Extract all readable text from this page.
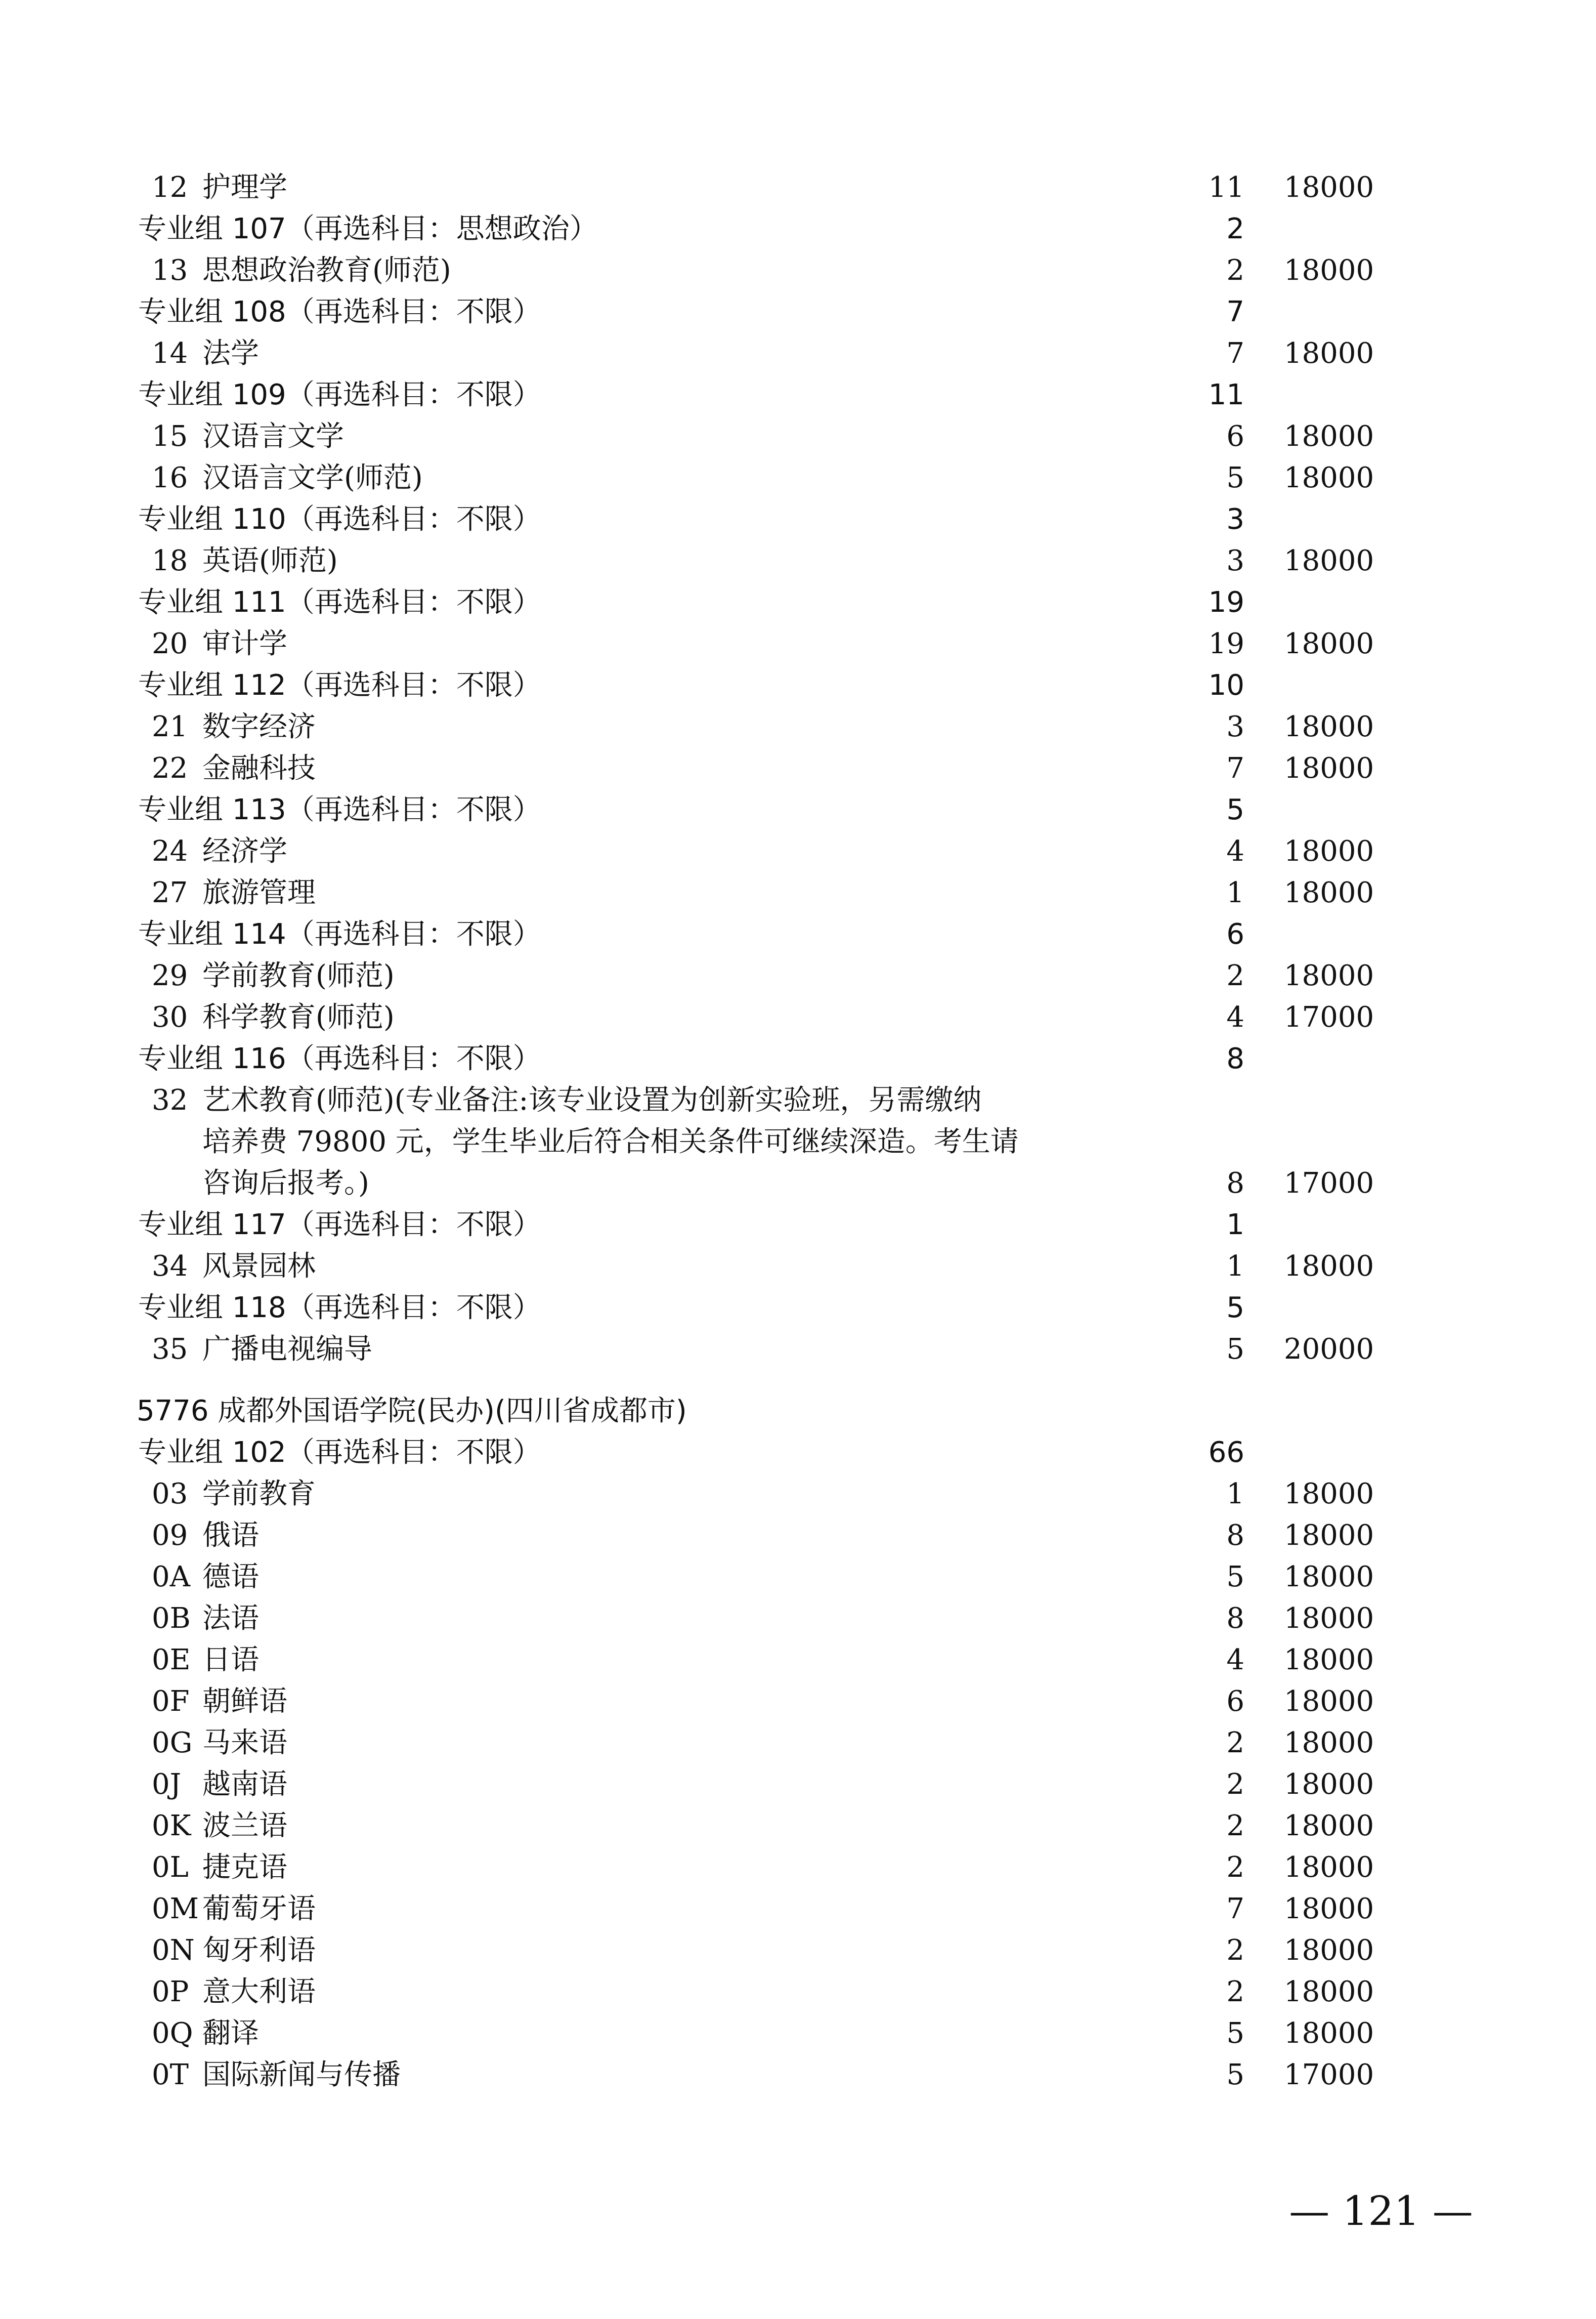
12 护理学	11 18000
专业组 107（再选科目：思想政治）	2
13 思想政治教育(师范)	2 18000
专业组 108（再选科目：不限）	7
14 法学	7 18000
专业组 109（再选科目：不限）	11
15 汉语言文学	6 18000
16 汉语言文学(师范)	5 18000
专业组 110（再选科目：不限）	3
18 英语(师范)	3 18000
专业组 111（再选科目：不限）	19
20 审计学	19 18000
专业组 112（再选科目：不限）	10
21 数字经济	3 18000
22 金融科技	7 18000
专业组 113（再选科目：不限）	5
24 经济学	4 18000
27 旅游管理	1 18000
专业组 114（再选科目：不限）	6
29 学前教育(师范)	2 18000
30 科学教育(师范)	4 17000
专业组 116（再选科目：不限）	8
32 艺术教育(师范)(专业备注:该专业设置为创新实验班，另需缴纳
培养费 79800 元，学生毕业后符合相关条件可继续深造。考生请
咨询后报考。)	8 17000
专业组 117（再选科目：不限）	1
34 风景园林	1 18000
专业组 118（再选科目：不限）	5
35 广播电视编导	5 20000
5776 成都外国语学院(民办)(四川省成都市)
专业组 102（再选科目：不限）	66
03 学前教育	1 18000
09 俄语	8 18000
0A 德语	5 18000
0B 法语	8 18000
0E 日语	4 18000
0F 朝鲜语	6 18000
0G 马来语	2 18000
0J 越南语	2 18000
0K 波兰语	2 18000
0L 捷克语	2 18000
0M 葡萄牙语	7 18000
0N 匈牙利语	2 18000
0P 意大利语	2 18000
0Q 翻译	5 18000
0T 国际新闻与传播	5 17000
— 121 —
